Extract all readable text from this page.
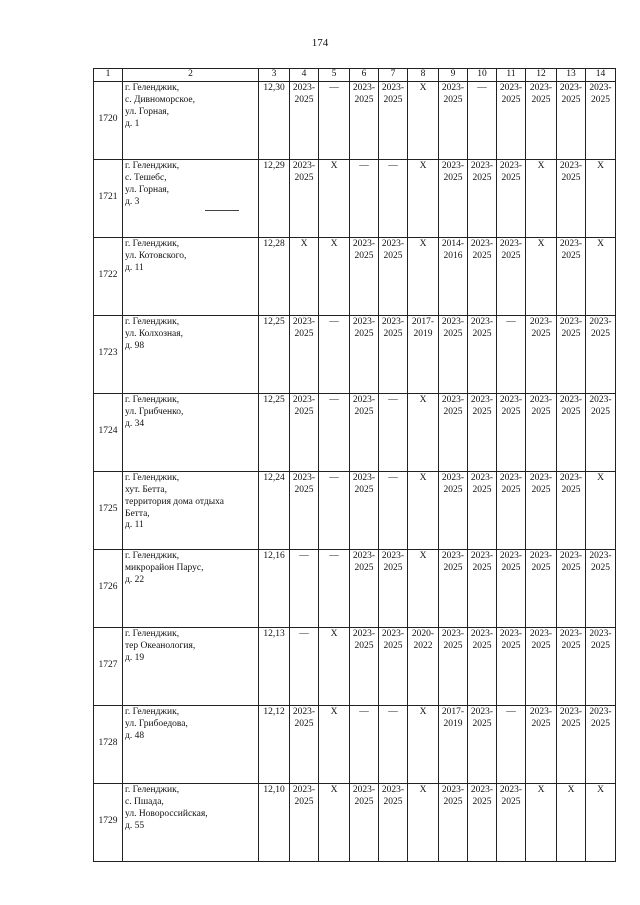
174
1	2	3	4	5	6	7	8	9	10	11	12	13	14
1720	г. Геленджик,
с. Дивноморское,
ул. Горная,
д. 1	12,30	2023-
2025	—	2023-
2025	2023-
2025	X	2023-
2025	—	2023-
2025	2023-
2025	2023-
2025	2023-
2025

1721	г. Геленджик,
с. Тешебс,
ул. Горная,
д. 3	12,29	2023-
2025	X	—	—	X	2023-
2025	2023-
2025	2023-
2025	X	2023-
2025	X

1722	г. Геленджик,
ул. Котовского,
д. 11	12,28	X	X	2023-
2025	2023-
2025	X	2014-
2016	2023-
2025	2023-
2025	X	2023-
2025	X

1723	г. Геленджик,
ул. Колхозная,
д. 98	12,25	2023-
2025	—	2023-
2025	2023-
2025	2017-
2019	2023-
2025	2023-
2025	—	2023-
2025	2023-
2025	2023-
2025

1724	г. Геленджик,
ул. Грибченко,
д. 34	12,25	2023-
2025	—	2023-
2025	—	X	2023-
2025	2023-
2025	2023-
2025	2023-
2025	2023-
2025	2023-
2025

1725	г. Геленджик,
хут. Бетта,
территория дома отдыха
Бетта,
д. 11	12,24	2023-
2025	—	2023-
2025	—	X	2023-
2025	2023-
2025	2023-
2025	2023-
2025	2023-
2025	X

1726	г. Геленджик,
микрорайон Парус,
д. 22	12,16	—	—	2023-
2025	2023-
2025	X	2023-
2025	2023-
2025	2023-
2025	2023-
2025	2023-
2025	2023-
2025

1727	г. Геленджик,
тер Океанология,
д. 19	12,13	—	X	2023-
2025	2023-
2025	2020-
2022	2023-
2025	2023-
2025	2023-
2025	2023-
2025	2023-
2025	2023-
2025

1728	г. Геленджик,
ул. Грибоедова,
д. 48	12,12	2023-
2025	X	—	—	X	2017-
2019	2023-
2025	—	2023-
2025	2023-
2025	2023-
2025

1729	г. Геленджик,
с. Пшада,
ул. Новороссийская,
д. 55	12,10	2023-
2025	X	2023-
2025	2023-
2025	X	2023-
2025	2023-
2025	2023-
2025	X	X	X
